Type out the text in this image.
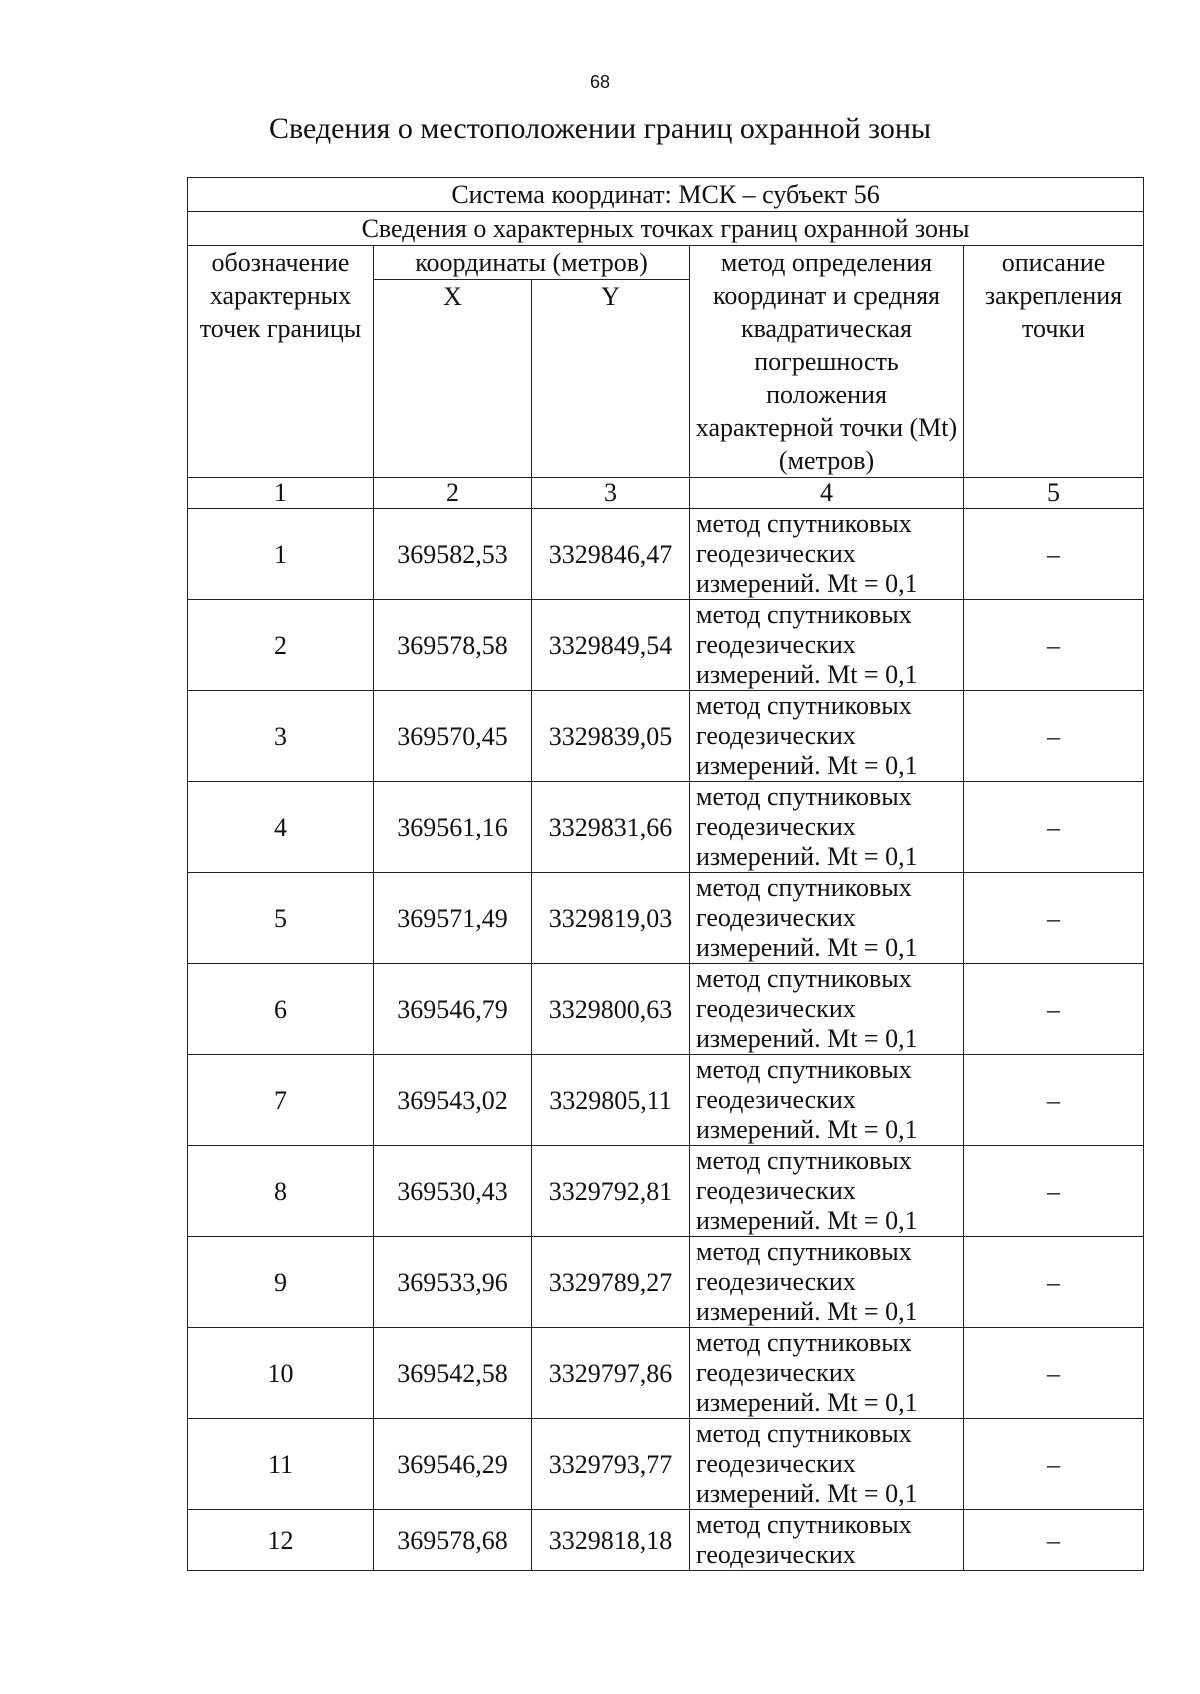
68
Сведения о местоположении границ охранной зоны
Система координат: МСК – субъект 56				
Сведения о характерных точках границ охранной зоны				
обозначение характерных точек границы	координаты (метров)		метод определения координат и средняя квадратическая погрешность положения характерной точки (Mt) (метров)	описание закрепления точки
	X	Y		
1	2	3	4	5
1	369582,53	3329846,47	метод спутниковых геодезических измерений. Mt = 0,1	–
2	369578,58	3329849,54	метод спутниковых геодезических измерений. Mt = 0,1	–
3	369570,45	3329839,05	метод спутниковых геодезических измерений. Mt = 0,1	–
4	369561,16	3329831,66	метод спутниковых геодезических измерений. Mt = 0,1	–
5	369571,49	3329819,03	метод спутниковых геодезических измерений. Mt = 0,1	–
6	369546,79	3329800,63	метод спутниковых геодезических измерений. Mt = 0,1	–
7	369543,02	3329805,11	метод спутниковых геодезических измерений. Mt = 0,1	–
8	369530,43	3329792,81	метод спутниковых геодезических измерений. Mt = 0,1	–
9	369533,96	3329789,27	метод спутниковых геодезических измерений. Mt = 0,1	–
10	369542,58	3329797,86	метод спутниковых геодезических измерений. Mt = 0,1	–
11	369546,29	3329793,77	метод спутниковых геодезических измерений. Mt = 0,1	–
12	369578,68	3329818,18	метод спутниковых геодезических	–
